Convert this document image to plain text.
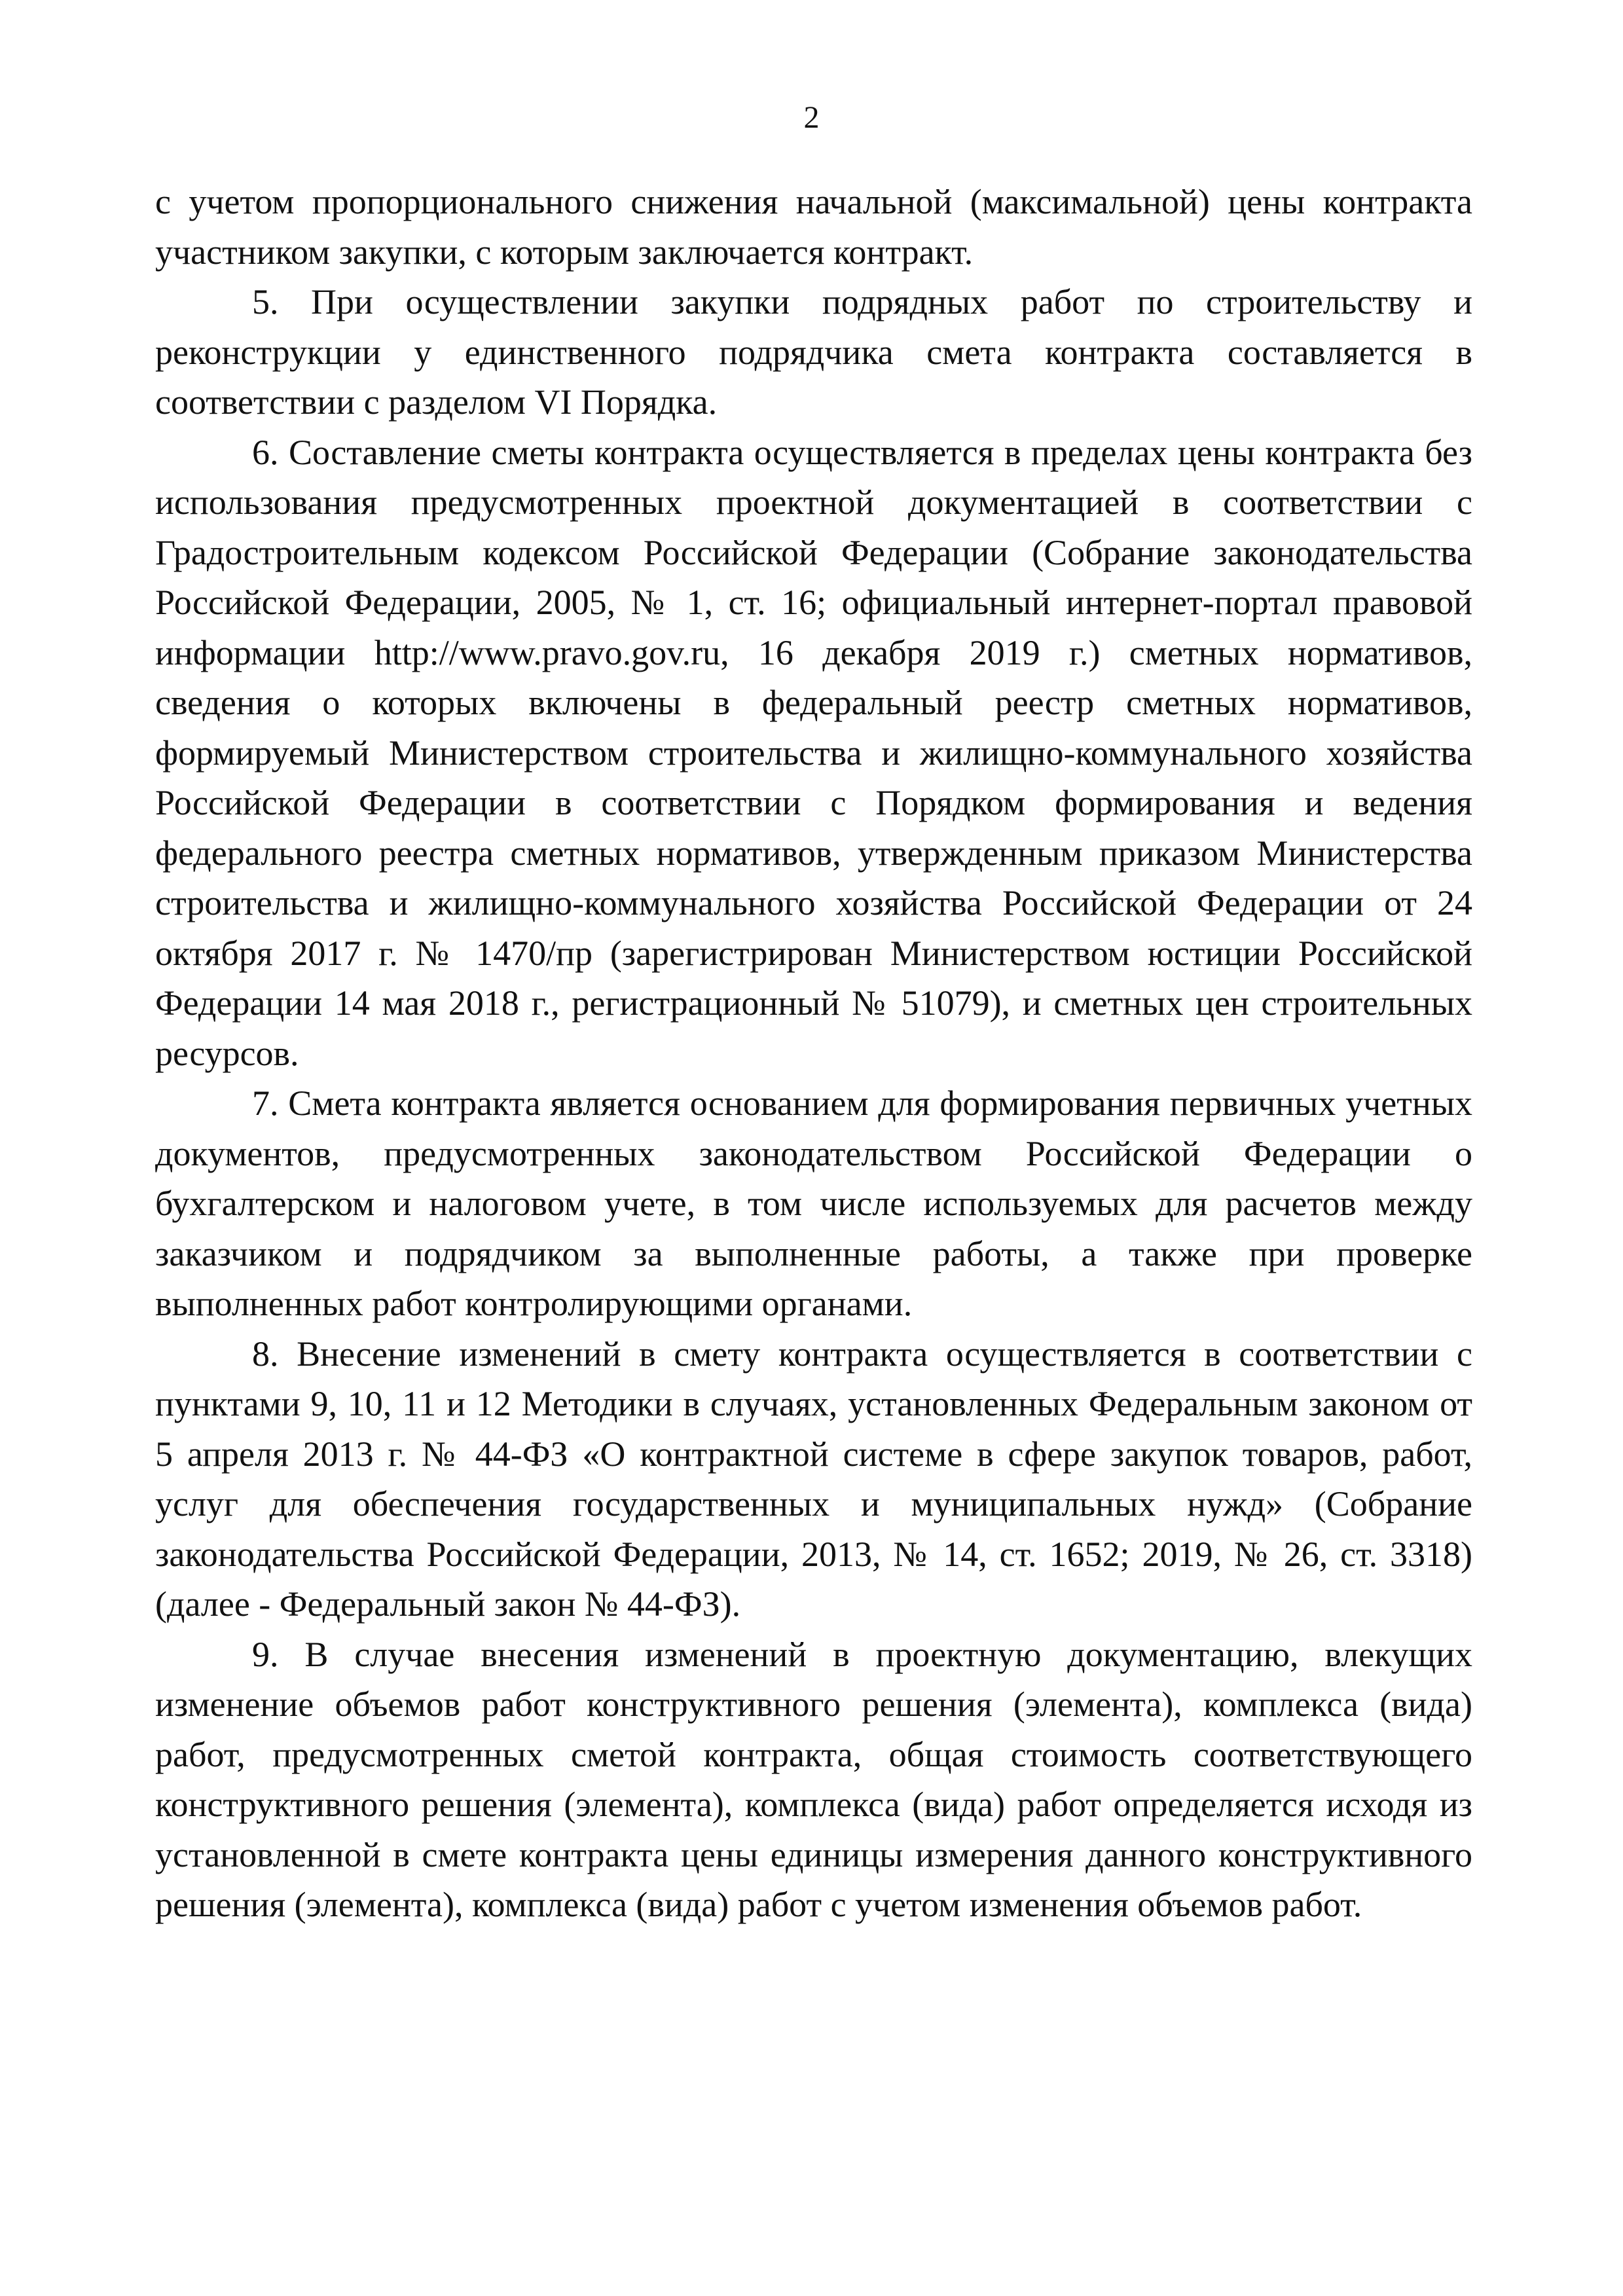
2

с учетом пропорционального снижения начальной (максимальной) цены контракта участником закупки, с которым заключается контракт.

5. При осуществлении закупки подрядных работ по строительству и реконструкции у единственного подрядчика смета контракта составляется в соответствии с разделом VI Порядка.

6. Составление сметы контракта осуществляется в пределах цены контракта без использования предусмотренных проектной документацией в соответствии с Градостроительным кодексом Российской Федерации (Собрание законодательства Российской Федерации, 2005, № 1, ст. 16; официальный интернет-портал правовой информации http://www.pravo.gov.ru, 16 декабря 2019 г.) сметных нормативов, сведения о которых включены в федеральный реестр сметных нормативов, формируемый Министерством строительства и жилищно-коммунального хозяйства Российской Федерации в соответствии с Порядком формирования и ведения федерального реестра сметных нормативов, утвержденным приказом Министерства строительства и жилищно-коммунального хозяйства Российской Федерации от 24 октября 2017 г. № 1470/пр (зарегистрирован Министерством юстиции Российской Федерации 14 мая 2018 г., регистрационный № 51079), и сметных цен строительных ресурсов.

7. Смета контракта является основанием для формирования первичных учетных документов, предусмотренных законодательством Российской Федерации о бухгалтерском и налоговом учете, в том числе используемых для расчетов между заказчиком и подрядчиком за выполненные работы, а также при проверке выполненных работ контролирующими органами.

8. Внесение изменений в смету контракта осуществляется в соответствии с пунктами 9, 10, 11 и 12 Методики в случаях, установленных Федеральным законом от 5 апреля 2013 г. № 44-ФЗ «О контрактной системе в сфере закупок товаров, работ, услуг для обеспечения государственных и муниципальных нужд» (Собрание законодательства Российской Федерации, 2013, № 14, ст. 1652; 2019, № 26, ст. 3318) (далее - Федеральный закон № 44-ФЗ).

9. В случае внесения изменений в проектную документацию, влекущих изменение объемов работ конструктивного решения (элемента), комплекса (вида) работ, предусмотренных сметой контракта, общая стоимость соответствующего конструктивного решения (элемента), комплекса (вида) работ определяется исходя из установленной в смете контракта цены единицы измерения данного конструктивного решения (элемента), комплекса (вида) работ с учетом изменения объемов работ.
